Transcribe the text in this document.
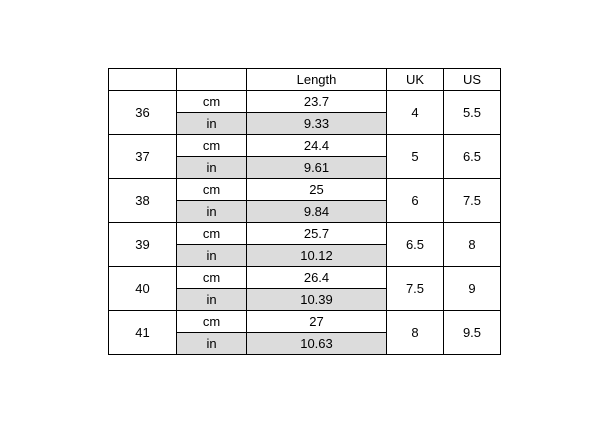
		Length	UK	US
36	cm	23.7	4	5.5
	in	9.33		
37	cm	24.4	5	6.5
	in	9.61		
38	cm	25	6	7.5
	in	9.84		
39	cm	25.7	6.5	8
	in	10.12		
40	cm	26.4	7.5	9
	in	10.39		
41	cm	27	8	9.5
	in	10.63		
